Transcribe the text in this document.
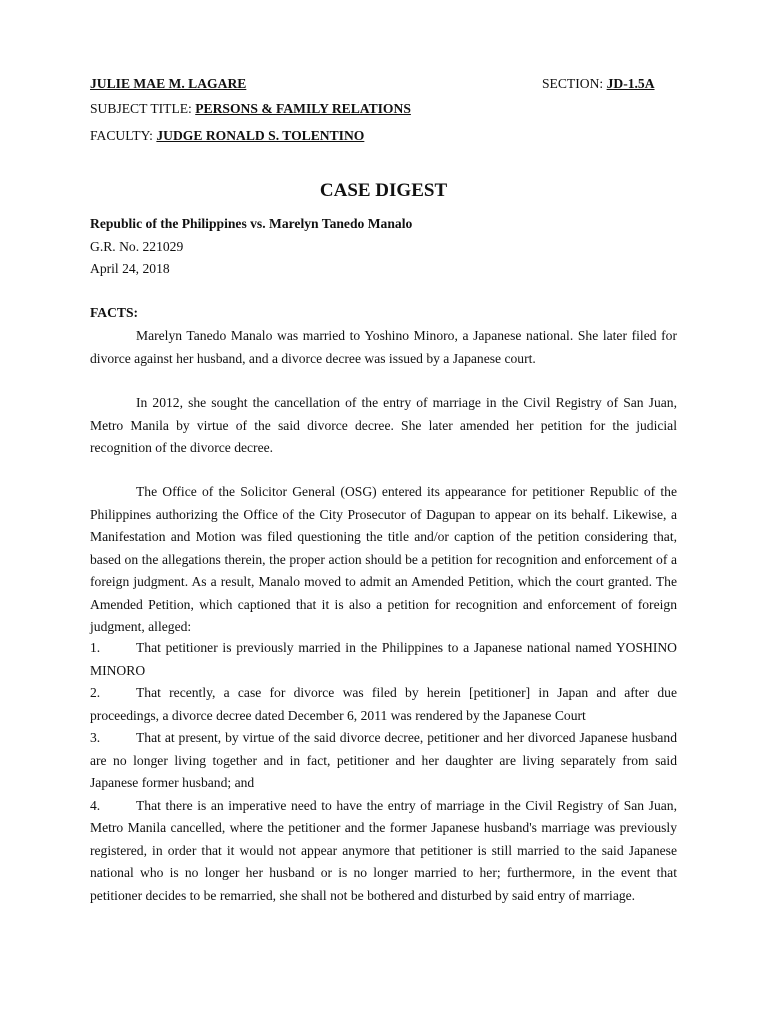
JULIE MAE M. LAGARE	SECTION: JD-1.5A
SUBJECT TITLE: PERSONS & FAMILY RELATIONS
FACULTY: JUDGE RONALD S. TOLENTINO
CASE DIGEST
Republic of the Philippines vs. Marelyn Tanedo Manalo
G.R. No. 221029
April 24, 2018
FACTS:
Marelyn Tanedo Manalo was married to Yoshino Minoro, a Japanese national. She later filed for divorce against her husband, and a divorce decree was issued by a Japanese court.
In 2012, she sought the cancellation of the entry of marriage in the Civil Registry of San Juan, Metro Manila by virtue of the said divorce decree. She later amended her petition for the judicial recognition of the divorce decree.
The Office of the Solicitor General (OSG) entered its appearance for petitioner Republic of the Philippines authorizing the Office of the City Prosecutor of Dagupan to appear on its behalf. Likewise, a Manifestation and Motion was filed questioning the title and/or caption of the petition considering that, based on the allegations therein, the proper action should be a petition for recognition and enforcement of a foreign judgment. As a result, Manalo moved to admit an Amended Petition, which the court granted. The Amended Petition, which captioned that it is also a petition for recognition and enforcement of foreign judgment, alleged:
1.	That petitioner is previously married in the Philippines to a Japanese national named YOSHINO MINORO
2.	That recently, a case for divorce was filed by herein [petitioner] in Japan and after due proceedings, a divorce decree dated December 6, 2011 was rendered by the Japanese Court
3.	That at present, by virtue of the said divorce decree, petitioner and her divorced Japanese husband are no longer living together and in fact, petitioner and her daughter are living separately from said Japanese former husband; and
4.	That there is an imperative need to have the entry of marriage in the Civil Registry of San Juan, Metro Manila cancelled, where the petitioner and the former Japanese husband's marriage was previously registered, in order that it would not appear anymore that petitioner is still married to the said Japanese national who is no longer her husband or is no longer married to her; furthermore, in the event that petitioner decides to be remarried, she shall not be bothered and disturbed by said entry of marriage.
